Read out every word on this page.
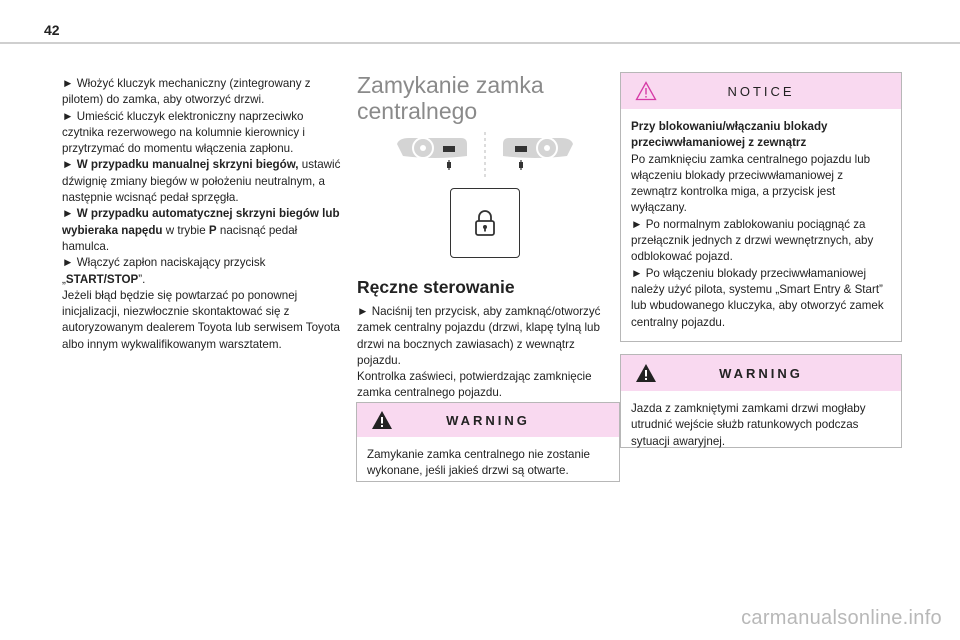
42

► Włożyć kluczyk mechaniczny (zintegrowany z pilotem) do zamka, aby otworzyć drzwi.

► Umieścić kluczyk elektroniczny naprzeciwko czytnika rezerwowego na kolumnie kierownicy i przytrzymać do momentu włączenia zapłonu.

► W przypadku manualnej skrzyni biegów, ustawić dźwignię zmiany biegów w położeniu neutralnym, a następnie wcisnąć pedał sprzęgła.

► W przypadku automatycznej skrzyni biegów lub wybieraka napędu w trybie P nacisnąć pedał hamulca.

► Włączyć zapłon naciskający przycisk „START/STOP”.

Jeżeli błąd będzie się powtarzać po ponownej inicjalizacji, niezwłocznie skontaktować się z autoryzowanym dealerem Toyota lub serwisem Toyota albo innym wykwalifikowanym warsztatem.

Zamykanie zamka centralnego
Ręczne sterowanie

► Naciśnij ten przycisk, aby zamknąć/otworzyć zamek centralny pojazdu (drzwi, klapę tylną lub drzwi na bocznych zawiasach) z wewnątrz pojazdu.

Kontrolka zaświeci, potwierdzając zamknięcie zamka centralnego pojazdu.

WARNING
Zamykanie zamka centralnego nie zostanie wykonane, jeśli jakieś drzwi są otwarte.
NOTICE

Przy blokowaniu/włączaniu blokady przeciwwłamaniowej z zewnątrz

Po zamknięciu zamka centralnego pojazdu lub włączeniu blokady przeciwwłamaniowej z zewnątrz kontrolka miga, a przycisk jest wyłączany.

► Po normalnym zablokowaniu pociągnąć za przełącznik jednych z drzwi wewnętrznych, aby odblokować pojazd.

► Po włączeniu blokady przeciwwłamaniowej należy użyć pilota, systemu „Smart Entry & Start” lub wbudowanego kluczyka, aby otworzyć zamek centralny pojazdu.

WARNING
Jazda z zamkniętymi zamkami drzwi mogłaby utrudnić wejście służb ratunkowych podczas sytuacji awaryjnej.
carmanualsonline.info
